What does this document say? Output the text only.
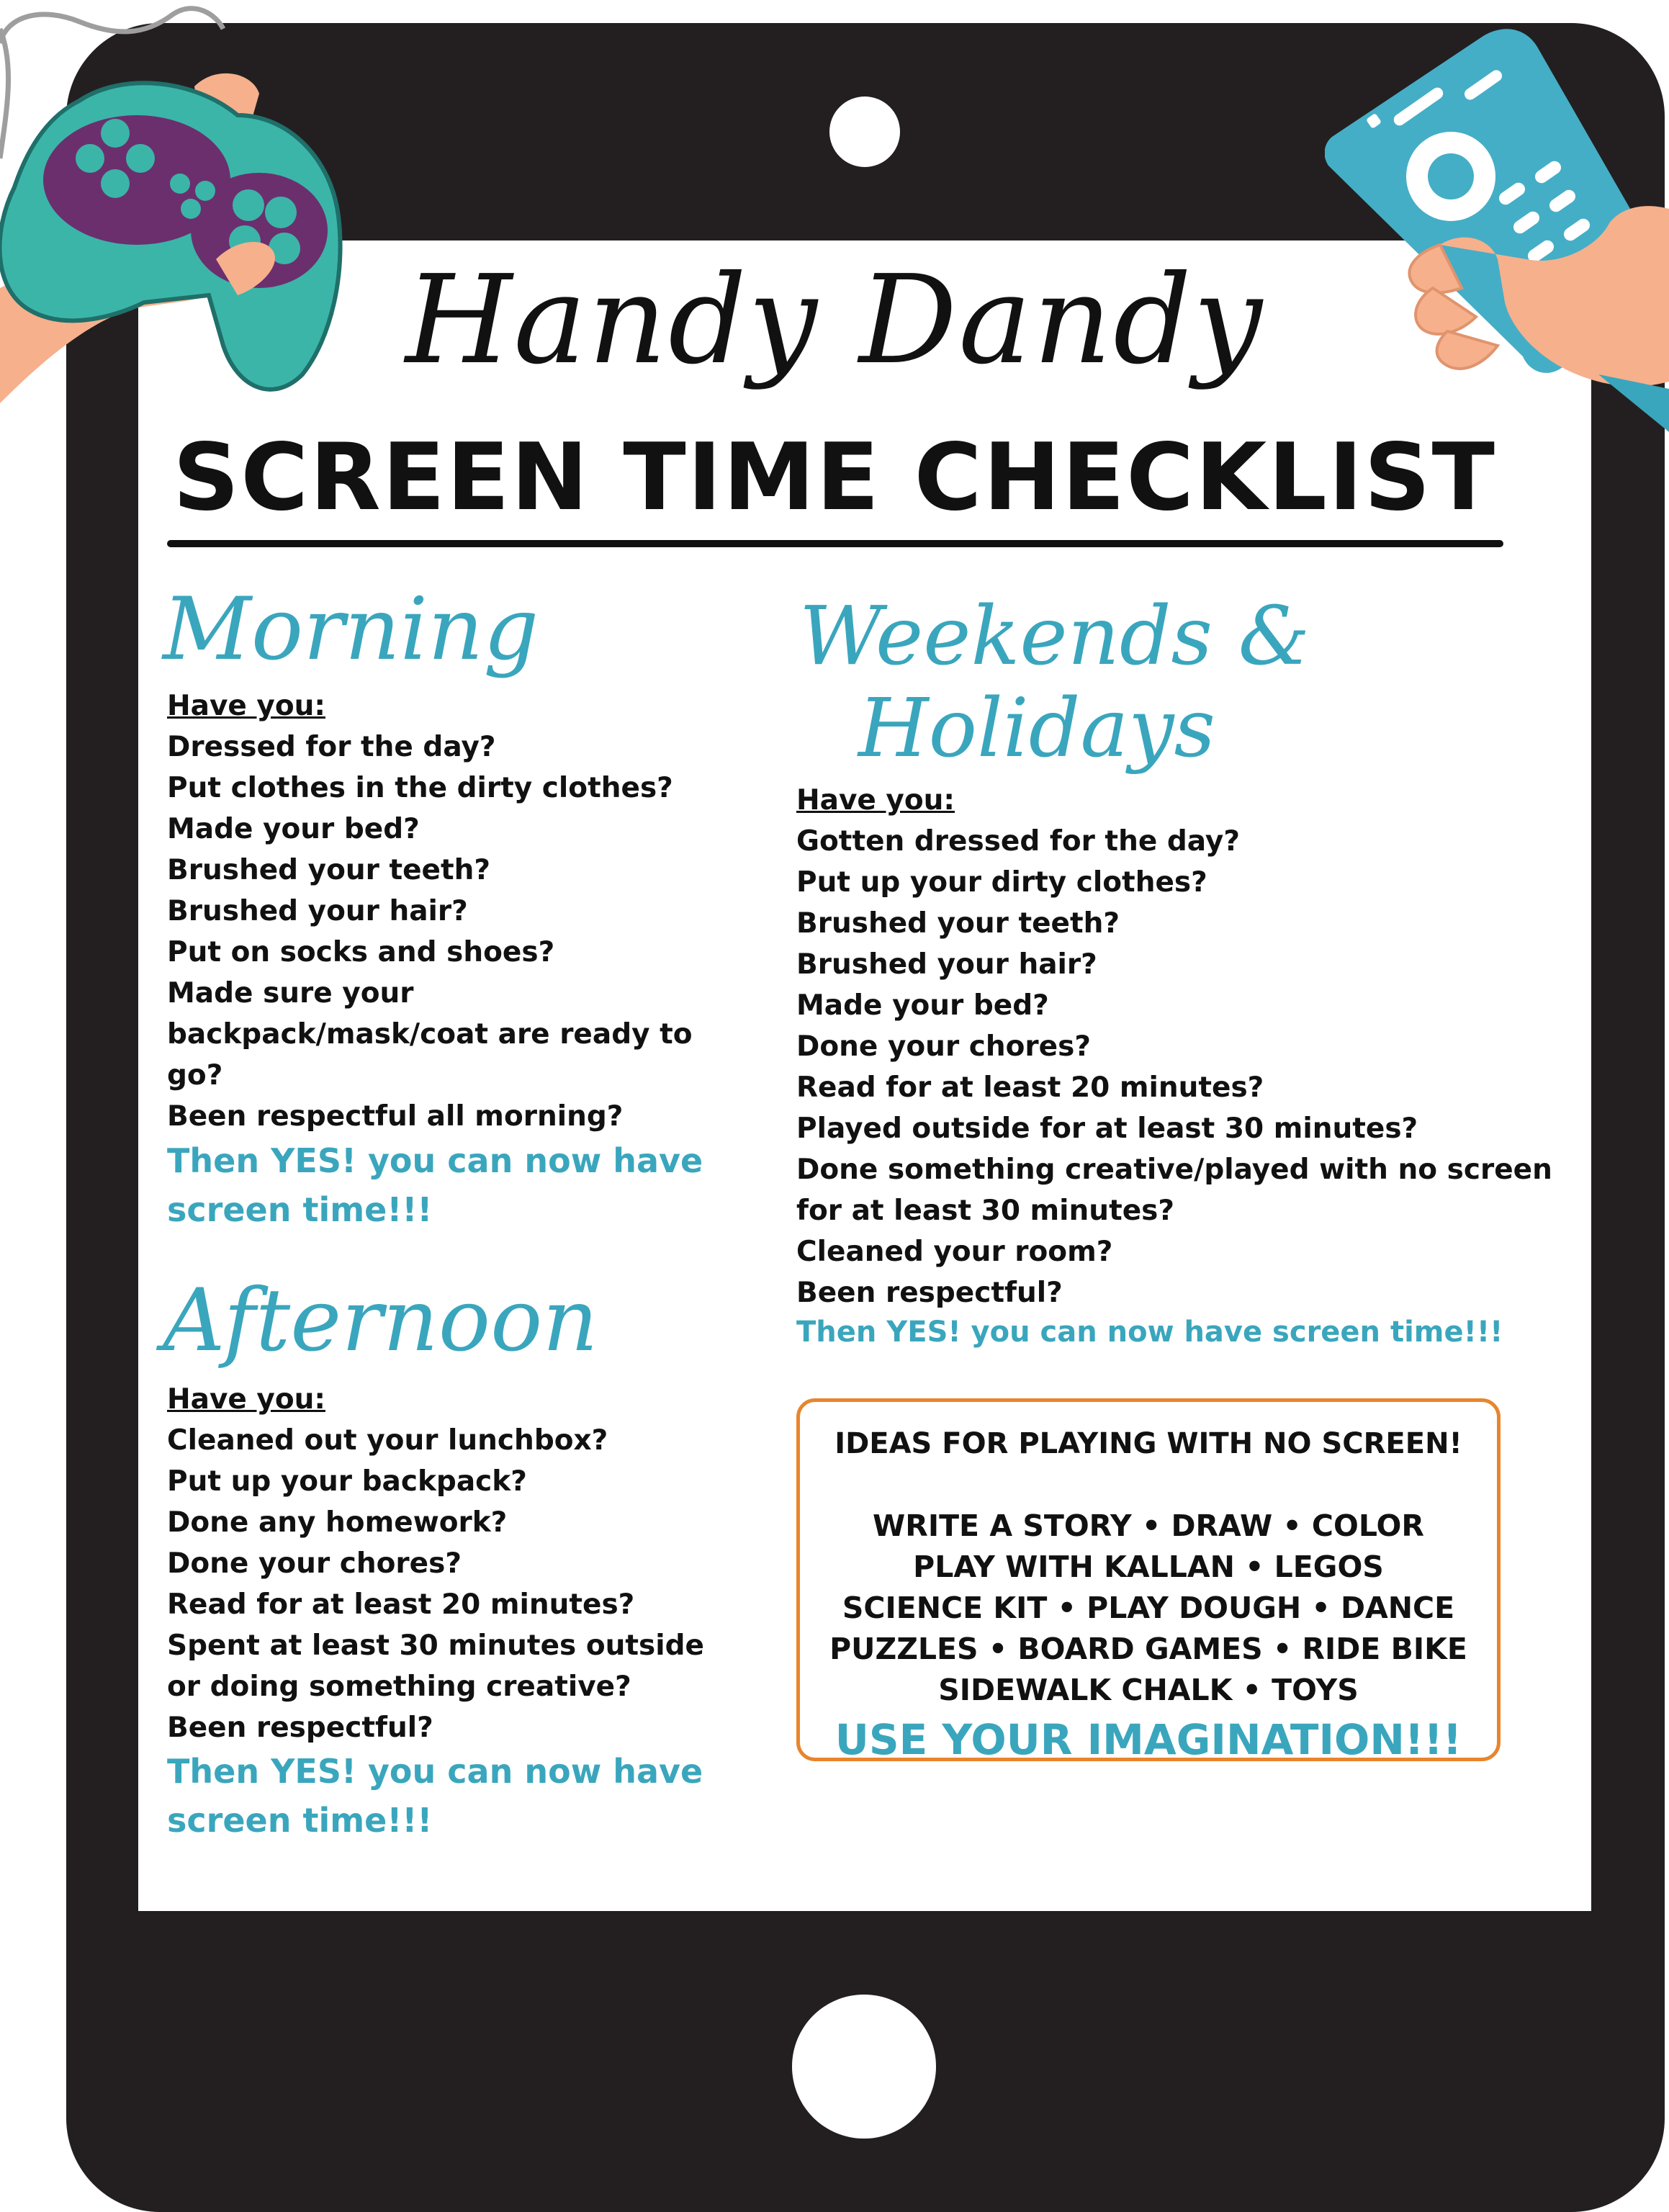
Handy Dandy
SCREEN TIME CHECKLIST
Morning
Have you:
Dressed for the day?
Put clothes in the dirty clothes?
Made your bed?
Brushed your teeth?
Brushed your hair?
Put on socks and shoes?
Made sure your
backpack/mask/coat are ready to
go?
Been respectful all morning?
Then YES! you can now have
screen time!!!
Afternoon
Have you:
Cleaned out your lunchbox?
Put up your backpack?
Done any homework?
Done your chores?
Read for at least 20 minutes?
Spent at least 30 minutes outside
or doing something creative?
Been respectful?
Then YES! you can now have
screen time!!!
Weekends &
Holidays
Have you:
Gotten dressed for the day?
Put up your dirty clothes?
Brushed your teeth?
Brushed your hair?
Made your bed?
Done your chores?
Read for at least 20 minutes?
Played outside for at least 30 minutes?
Done something creative/played with no screen
for at least 30 minutes?
Cleaned your room?
Been respectful?
Then YES! you can now have screen time!!!
IDEAS FOR PLAYING WITH NO SCREEN!
WRITE A STORY • DRAW • COLOR
PLAY WITH KALLAN • LEGOS
SCIENCE KIT • PLAY DOUGH • DANCE
PUZZLES • BOARD GAMES • RIDE BIKE
SIDEWALK CHALK • TOYS
USE YOUR IMAGINATION!!!
